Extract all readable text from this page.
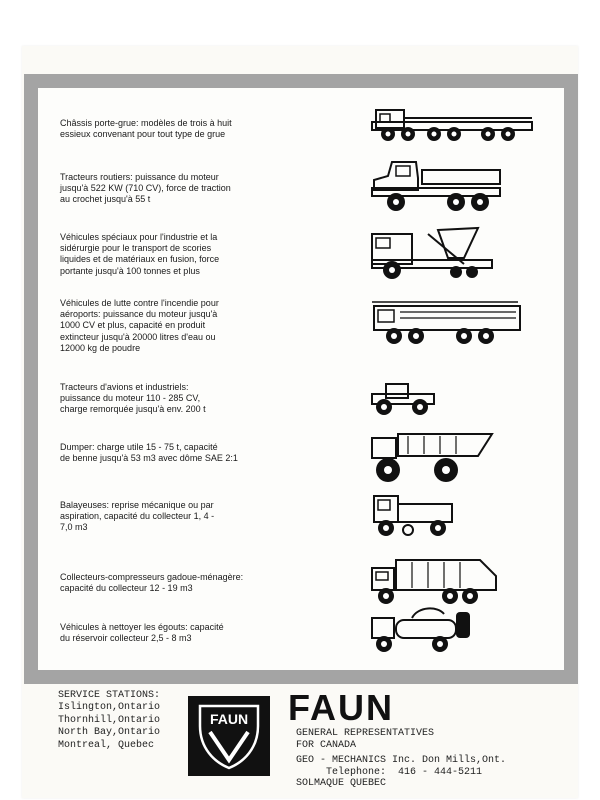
Châssis porte-grue: modèles de trois à huit
essieux convenant pour tout type de grue
Tracteurs routiers: puissance du moteur
jusqu'à 522 KW (710 CV), force de traction
au crochet jusqu'à 55 t
Véhicules spéciaux pour l'industrie et la
sidérurgie pour le transport de scories
liquides et de matériaux en fusion, force
portante jusqu'à 100 tonnes et plus
Véhicules de lutte contre l'incendie pour
aéroports: puissance du moteur jusqu'à
1000 CV et plus, capacité en produit
extincteur jusqu'à 20000 litres d'eau ou
12000 kg de poudre
Tracteurs d'avions et industriels:
puissance du moteur 110 - 285 CV,
charge remorquée jusqu'à env. 200 t
Dumper: charge utile 15 - 75 t, capacité
de benne jusqu'à 53 m3 avec dôme SAE 2:1
Balayeuses: reprise mécanique ou par
aspiration, capacité du collecteur 1, 4 -
7,0 m3
Collecteurs-compresseurs gadoue-ménagère:
capacité du collecteur 12 - 19 m3
Véhicules à nettoyer les égouts: capacité
du réservoir collecteur 2,5 - 8 m3
SERVICE STATIONS:
Islington,Ontario
Thornhill,Ontario
North Bay,Ontario
Montreal, Quebec
FAUN FAUN
GENERAL REPRESENTATIVES
FOR CANADA
GEO - MECHANICS Inc. Don Mills,Ont.
Telephone:  416 - 444-5211
SOLMAQUE QUEBEC
